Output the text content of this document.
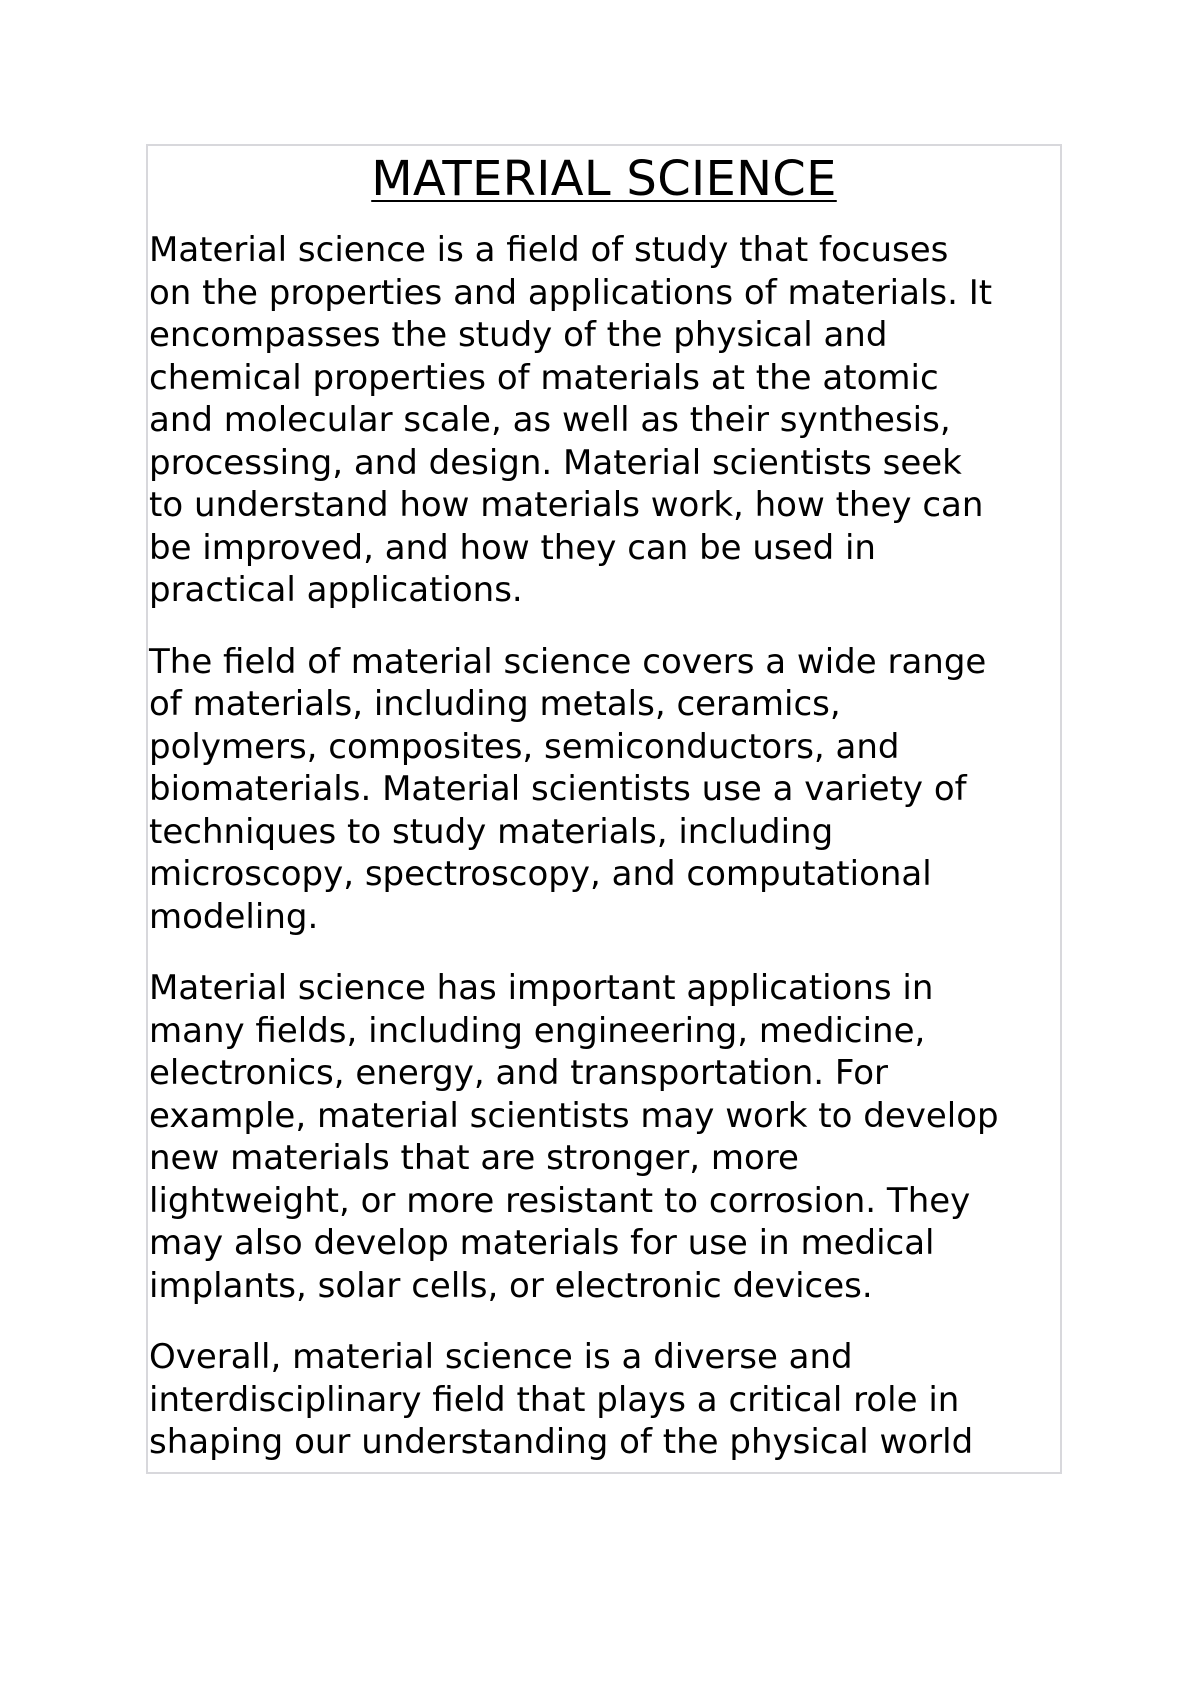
MATERIAL SCIENCE

Material science is a field of study that focuses
on the properties and applications of materials. It
encompasses the study of the physical and
chemical properties of materials at the atomic
and molecular scale, as well as their synthesis,
processing, and design. Material scientists seek
to understand how materials work, how they can
be improved, and how they can be used in
practical applications.

The field of material science covers a wide range
of materials, including metals, ceramics,
polymers, composites, semiconductors, and
biomaterials. Material scientists use a variety of
techniques to study materials, including
microscopy, spectroscopy, and computational
modeling.

Material science has important applications in
many fields, including engineering, medicine,
electronics, energy, and transportation. For
example, material scientists may work to develop
new materials that are stronger, more
lightweight, or more resistant to corrosion. They
may also develop materials for use in medical
implants, solar cells, or electronic devices.

Overall, material science is a diverse and
interdisciplinary field that plays a critical role in
shaping our understanding of the physical world
